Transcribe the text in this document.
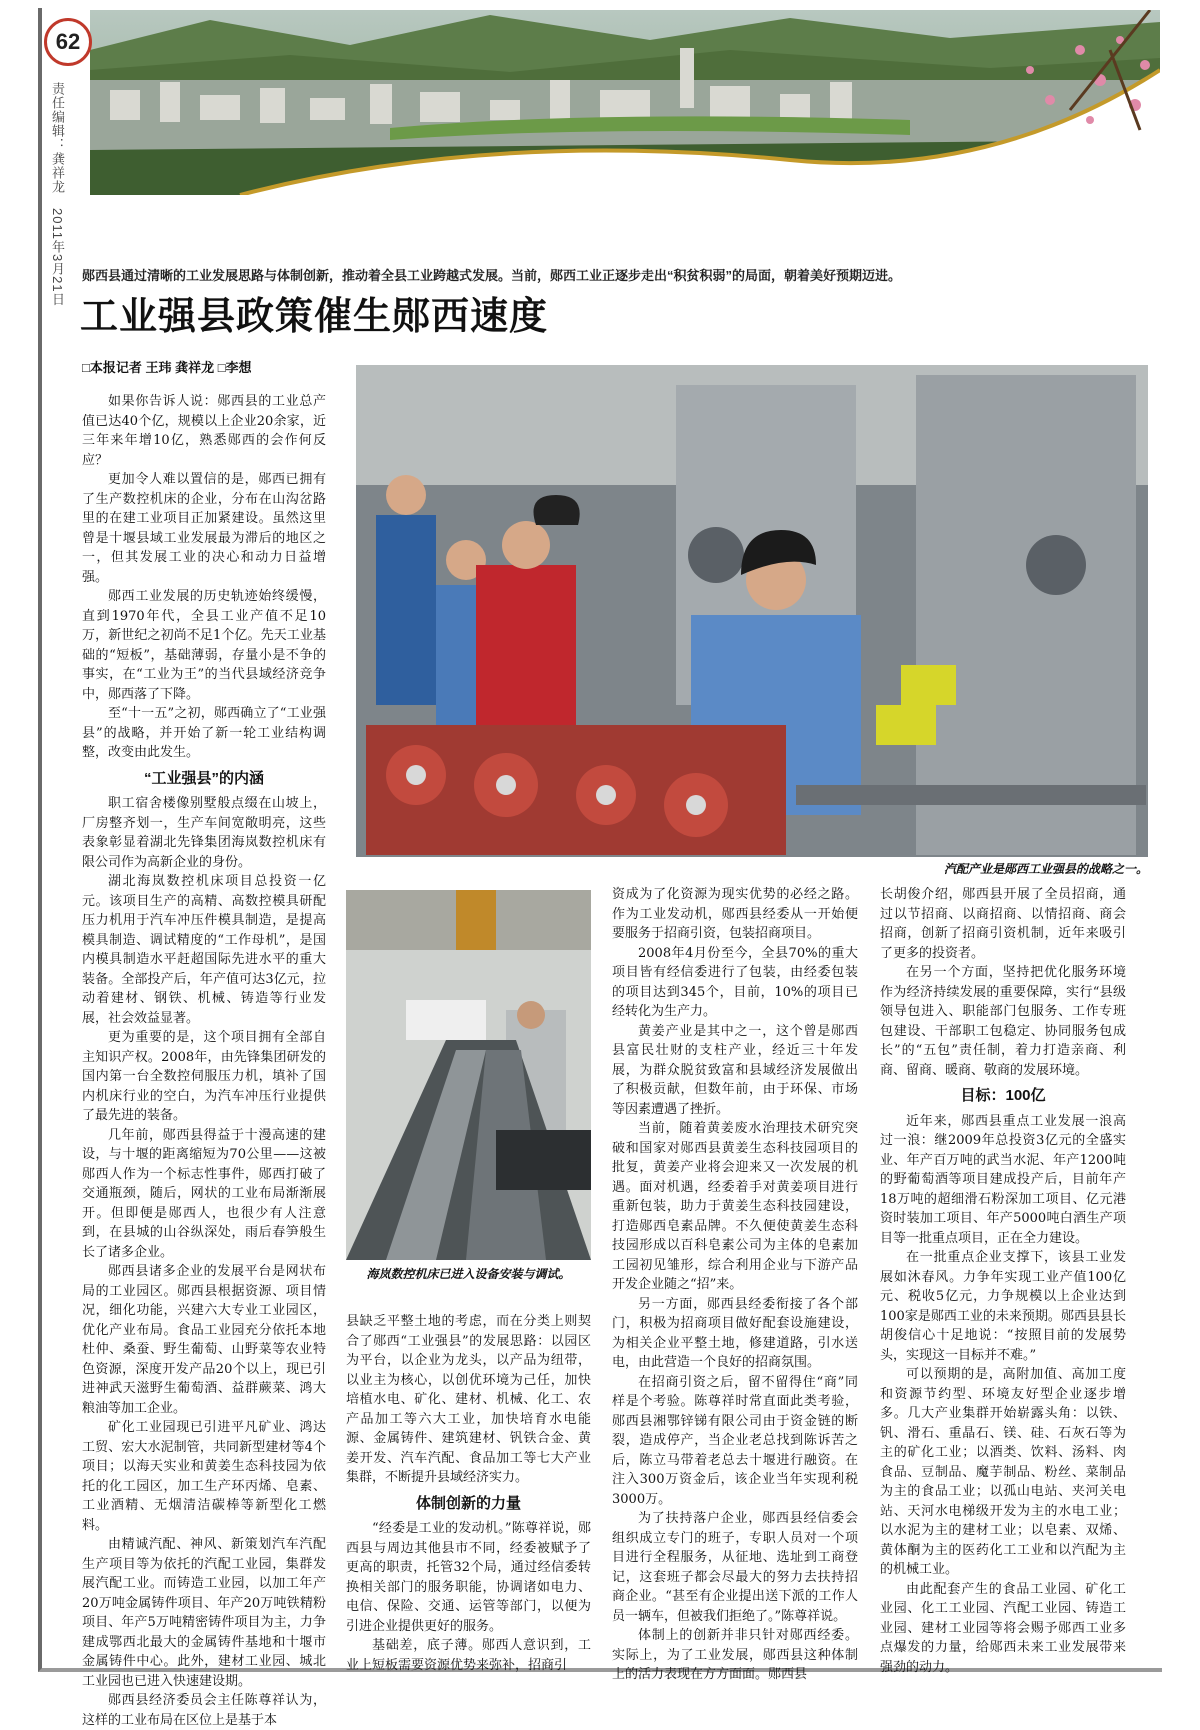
62
责任编辑：龚祥龙　2011年3月21日 郧西县通过清晰的工业发展思路与体制创新，推动着全县工业跨越式发展。当前，郧西工业正逐步走出“积贫积弱”的局面，朝着美好预期迈进。
工业强县政策催生郧西速度
□本报记者 王玮 龚祥龙 □李想
汽配产业是郧西工业强县的战略之一。
海岚数控机床已进入设备安装与调试。

如果你告诉人说：郧西县的工业总产值已达40个亿，规模以上企业20余家，近三年来年增10亿，熟悉郧西的会作何反应？

更加令人难以置信的是，郧西已拥有了生产数控机床的企业，分布在山沟岔路里的在建工业项目正加紧建设。虽然这里曾是十堰县域工业发展最为滞后的地区之一，但其发展工业的决心和动力日益增强。

郧西工业发展的历史轨迹始终缓慢，直到1970年代，全县工业产值不足10万，新世纪之初尚不足1个亿。先天工业基础的“短板”，基础薄弱，存量小是不争的事实，在“工业为王”的当代县域经济竞争中，郧西落了下降。

至“十一五”之初，郧西确立了“工业强县”的战略，并开始了新一轮工业结构调整，改变由此发生。

“工业强县”的内涵

职工宿舍楼像别墅般点缀在山坡上，厂房整齐划一，生产车间宽敞明亮，这些表象彰显着湖北先锋集团海岚数控机床有限公司作为高新企业的身份。

湖北海岚数控机床项目总投资一亿元。该项目生产的高精、高数控模具研配压力机用于汽车冲压件模具制造，是提高模具制造、调试精度的“工作母机”，是国内模具制造水平赶超国际先进水平的重大装备。全部投产后，年产值可达3亿元，拉动着建材、钢铁、机械、铸造等行业发展，社会效益显著。

更为重要的是，这个项目拥有全部自主知识产权。2008年，由先锋集团研发的国内第一台全数控伺服压力机，填补了国内机床行业的空白，为汽车冲压行业提供了最先进的装备。

几年前，郧西县得益于十漫高速的建设，与十堰的距离缩短为70公里——这被郧西人作为一个标志性事件，郧西打破了交通瓶颈，随后，网状的工业布局渐渐展开。但即便是郧西人，也很少有人注意到，在县城的山谷纵深处，雨后春笋般生长了诸多企业。

郧西县诸多企业的发展平台是网状布局的工业园区。郧西县根据资源、项目情况，细化功能，兴建六大专业工业园区，优化产业布局。食品工业园充分依托本地杜仲、桑蚕、野生葡萄、山野菜等农业特色资源，深度开发产品20个以上，现已引进神武天滋野生葡萄酒、益群蕨菜、鸿大粮油等加工企业。

矿化工业园现已引进平凡矿业、鸿达工贸、宏大水泥制管，共同新型建材等4个项目；以海天实业和黄姜生态科技园为依托的化工园区，加工生产环丙烯、皂素、工业酒精、无烟清洁碳棒等新型化工燃料。

由精诚汽配、神风、新策划汽车汽配生产项目等为依托的汽配工业园，集群发展汽配工业。而铸造工业园，以加工年产20万吨金属铸件项目、年产20万吨铁精粉项目、年产5万吨精密铸件项目为主，力争建成鄂西北最大的金属铸件基地和十堰市金属铸件中心。此外，建材工业园、城北工业园也已进入快速建设期。

郧西县经济委员会主任陈尊祥认为，这样的工业布局在区位上是基于本

县缺乏平整土地的考虑，而在分类上则契合了郧西“工业强县”的发展思路：以园区为平台，以企业为龙头，以产品为纽带，以业主为核心，以创优环境为己任，加快培植水电、矿化、建材、机械、化工、农产品加工等六大工业，加快培育水电能源、金属铸件、建筑建材、钒铁合金、黄姜开发、汽车汽配、食品加工等七大产业集群，不断提升县域经济实力。

体制创新的力量

“经委是工业的发动机。”陈尊祥说，郧西县与周边其他县市不同，经委被赋予了更高的职责，托管32个局，通过经信委转换相关部门的服务职能，协调诸如电力、电信、保险、交通、运管等部门，以便为引进企业提供更好的服务。

基础差，底子薄。郧西人意识到，工业上短板需要资源优势来弥补，招商引

资成为了化资源为现实优势的必经之路。作为工业发动机，郧西县经委从一开始便要服务于招商引资，包装招商项目。

2008年4月份至今，全县70%的重大项目皆有经信委进行了包装，由经委包装的项目达到345个，目前，10%的项目已经转化为生产力。

黄姜产业是其中之一，这个曾是郧西县富民壮财的支柱产业，经近三十年发展，为群众脱贫致富和县域经济发展做出了积极贡献，但数年前，由于环保、市场等因素遭遇了挫折。

当前，随着黄姜废水治理技术研究突破和国家对郧西县黄姜生态科技园项目的批复，黄姜产业将会迎来又一次发展的机遇。面对机遇，经委着手对黄姜项目进行重新包装，助力于黄姜生态科技园建设，打造郧西皂素品牌。不久便使黄姜生态科技园形成以百科皂素公司为主体的皂素加工园初见雏形，综合利用企业与下游产品开发企业随之“招”来。

另一方面，郧西县经委衔接了各个部门，积极为招商项目做好配套设施建设，为相关企业平整土地，修建道路，引水送电，由此营造一个良好的招商氛围。

在招商引资之后，留不留得住“商”同样是个考验。陈尊祥时常直面此类考验，郧西县湘鄂锌锑有限公司由于资金链的断裂，造成停产，当企业老总找到陈诉苦之后，陈立马带着老总去十堰进行融资。在注入300万资金后，该企业当年实现利税3000万。

为了扶持落户企业，郧西县经信委会组织成立专门的班子，专职人员对一个项目进行全程服务，从征地、选址到工商登记，这套班子都会尽最大的努力去扶持招商企业。“甚至有企业提出送下派的工作人员一辆车，但被我们拒绝了。”陈尊祥说。

体制上的创新并非只针对郧西经委。实际上，为了工业发展，郧西县这种体制上的活力表现在方方面面。郧西县

长胡俊介绍，郧西县开展了全员招商，通过以节招商、以商招商、以情招商、商会招商，创新了招商引资机制，近年来吸引了更多的投资者。

在另一个方面，坚持把优化服务环境作为经济持续发展的重要保障，实行“县级领导包进入、职能部门包服务、工作专班包建设、干部职工包稳定、协同服务包成长”的“五包”责任制，着力打造亲商、利商、留商、暖商、敬商的发展环境。

目标：100亿

近年来，郧西县重点工业发展一浪高过一浪：继2009年总投资3亿元的全盛实业、年产百万吨的武当水泥、年产1200吨的野葡萄酒等项目建成投产后，目前年产18万吨的超细滑石粉深加工项目、亿元港资时装加工项目、年产5000吨白酒生产项目等一批重点项目，正在全力建设。

在一批重点企业支撑下，该县工业发展如沐春风。力争年实现工业产值100亿元、税收5亿元，力争规模以上企业达到100家是郧西工业的未来预期。郧西县县长胡俊信心十足地说：“按照目前的发展势头，实现这一目标并不难。”

可以预期的是，高附加值、高加工度和资源节约型、环境友好型企业逐步增多。几大产业集群开始崭露头角：以铁、钒、滑石、重晶石、镁、硅、石灰石等为主的矿化工业；以酒类、饮料、汤料、肉食品、豆制品、魔芋制品、粉丝、菜制品为主的食品工业；以孤山电站、夹河关电站、天河水电梯级开发为主的水电工业；以水泥为主的建材工业；以皂素、双烯、黄体酮为主的医药化工工业和以汽配为主的机械工业。

由此配套产生的食品工业园、矿化工业园、化工工业园、汽配工业园、铸造工业园、建材工业园等将会赐予郧西工业多点爆发的力量，给郧西未来工业发展带来强劲的动力。
